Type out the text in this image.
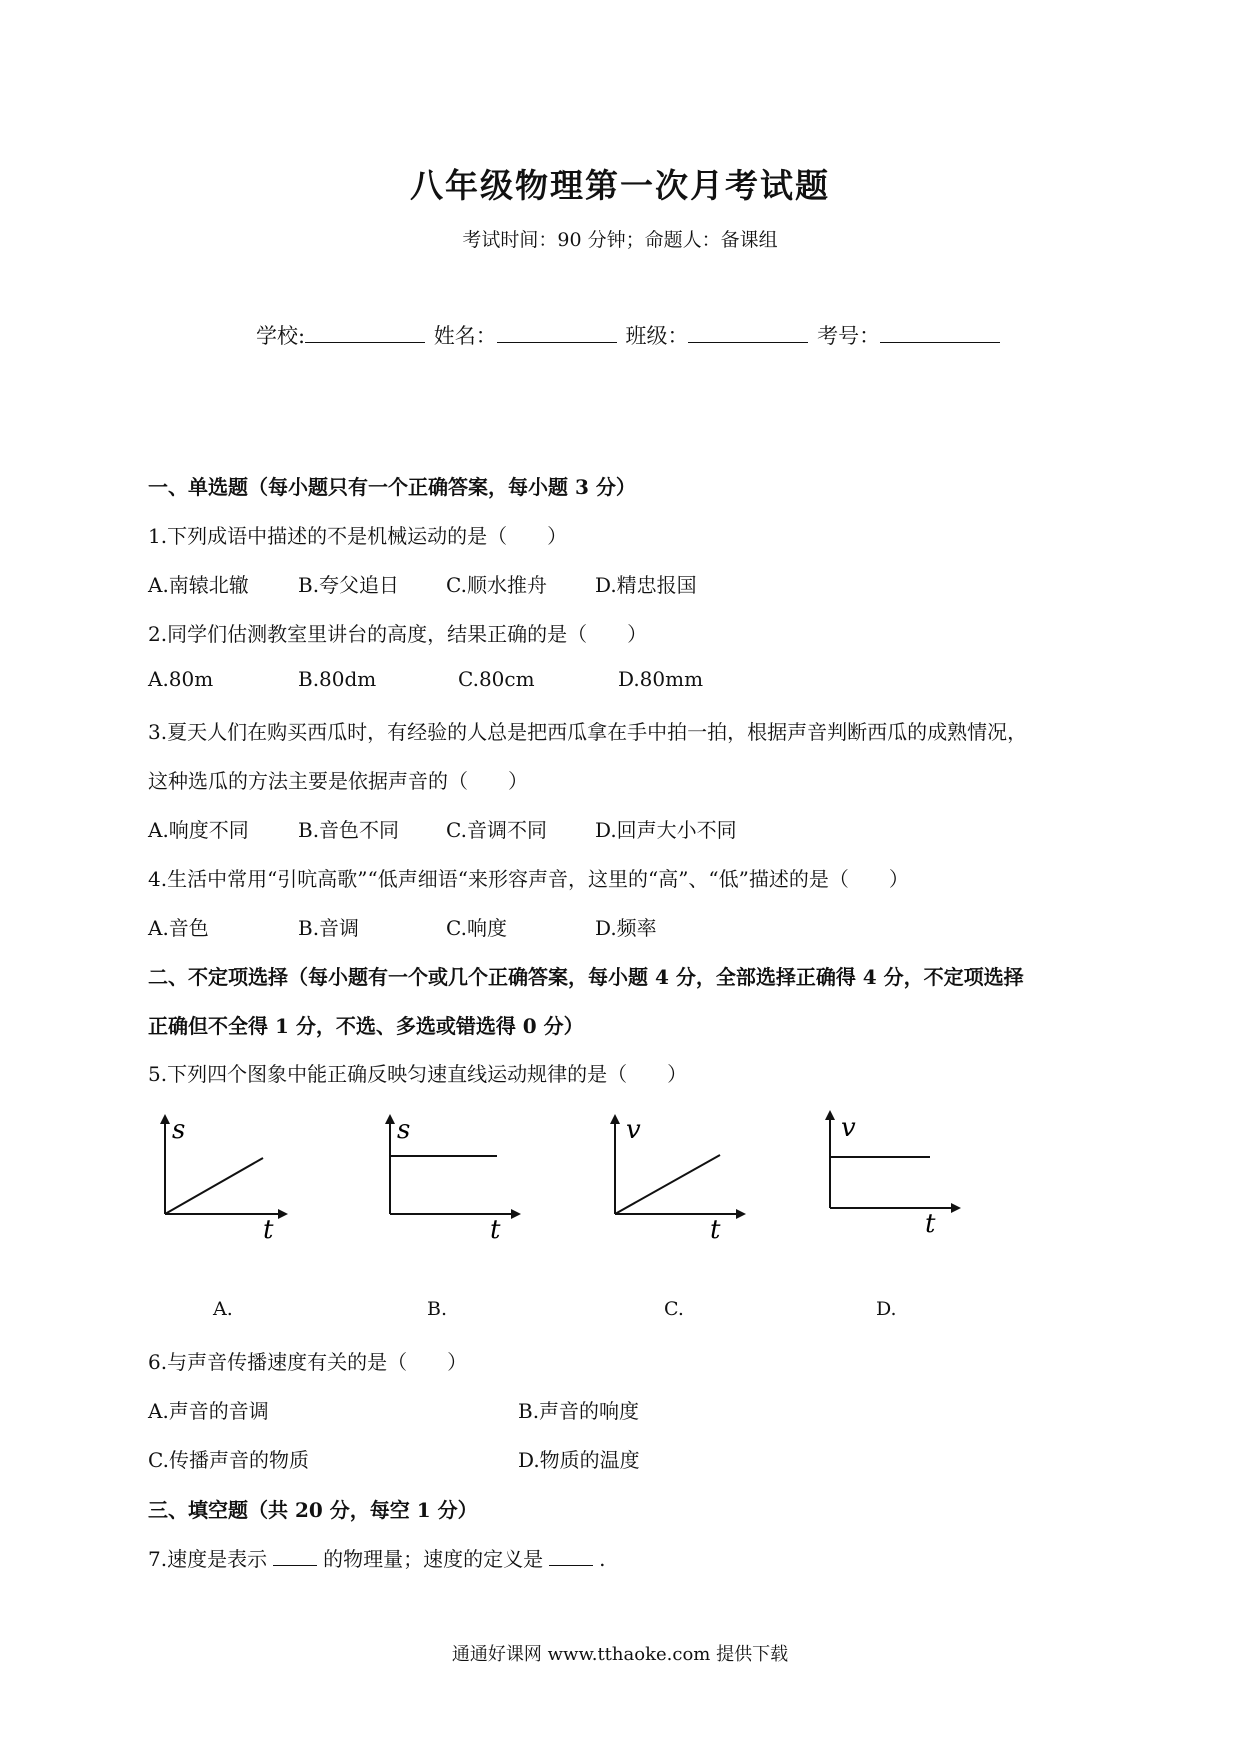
八年级物理第一次月考试题
考试时间：90 分钟；命题人：备课组
学校:	姓名：	班级：	考号：
一、单选题（每小题只有一个正确答案，每小题 3 分）
1.下列成语中描述的不是机械运动的是（　　）
A.南辕北辙 B.夸父追日 C.顺水推舟 D.精忠报国
2.同学们估测教室里讲台的高度，结果正确的是（　　）
A.80m	B.80dm	C.80cm	D.80mm
3.夏天人们在购买西瓜时，有经验的人总是把西瓜拿在手中拍一拍，根据声音判断西瓜的成熟情况，
这种选瓜的方法主要是依据声音的（　　）
A.响度不同 B.音色不同 C.音调不同 D.回声大小不同
4.生活中常用“引吭高歌”“低声细语“来形容声音，这里的“高”、“低”描述的是（　　）
A.音色	B.音调	C.响度	D.频率
二、不定项选择（每小题有一个或几个正确答案，每小题 4 分，全部选择正确得 4 分，不定项选择
正确但不全得 1 分，不选、多选或错选得 0 分）
5.下列四个图象中能正确反映匀速直线运动规律的是（　　）
s
t
s
t
v
t
v
t
A.	B.	C.	D.
6.与声音传播速度有关的是（　　）
A.声音的音调	B.声音的响度
C.传播声音的物质	D.物质的温度
三、填空题（共 20 分，每空 1 分）
7.速度是表示	的物理量；速度的定义是	.
通通好课网 www.tthaoke.com 提供下载
